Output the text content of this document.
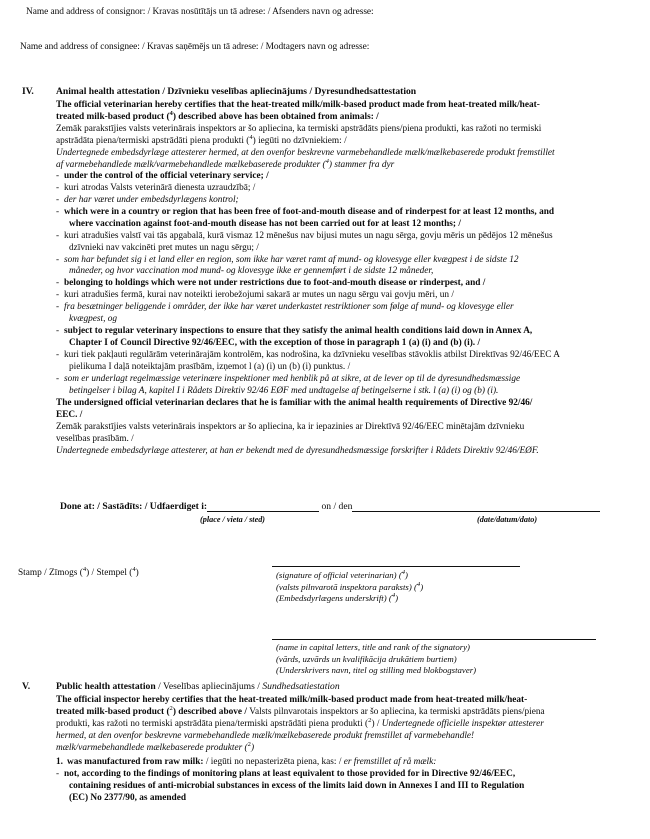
Name and address of consignor: / Kravas nosūtītājs un tā adrese: / Afsenders navn og adresse:
Name and address of consignee: / Kravas saņēmējs un tā adrese: / Modtagers navn og adresse:
IV. Animal health attestation / Dzīvnieku veselības apliecinājums / Dyresundhedsattestation
The official veterinarian hereby certifies that the heat-treated milk/milk-based product made from heat-treated milk/heat-
treated milk-based product ($^4$) described above has been obtained from animals: /
Zemāk parakstījies valsts veterinārais inspektors ar šo apliecina, ka termiski apstrādāts piens/piena produkti, kas ražoti no termiski
apstrādāta piena/termiski apstrādāti piena produkti ($^4$) iegūti no dzīvniekiem: /
Undertegnede embedsdyrlæge attesterer hermed, at den ovenfor beskrevne varmebehandlede mælk/mælkebaserede produkt fremstillet
af varmebehandlede mælk/varmebehandlede mælkebaserede produkter ($^4$) stammer fra dyr
- under the control of the official veterinary service; /
- kuri atrodas Valsts veterinārā dienesta uzraudzībā; /
- der har været under embedsdyrlægens kontrol;
- which were in a country or region that has been free of foot-and-mouth disease and of rinderpest for at least 12 months, and
where vaccination against foot-and-mouth disease has not been carried out for at least 12 months; /
- kuri atradušies valstī vai tās apgabalā, kurā vismaz 12 mēnešus nav bijusi mutes un nagu sērga, govju mēris un pēdējos 12 mēnešus
dzīvnieki nav vakcinēti pret mutes un nagu sērgu; /
- som har befundet sig i et land eller en region, som ikke har været ramt af mund- og klovesyge eller kvægpest i de sidste 12
måneder, og hvor vaccination mod mund- og klovesyge ikke er gennemført i de sidste 12 måneder,
- belonging to holdings which were not under restrictions due to foot-and-mouth disease or rinderpest, and /
- kuri atradušies fermā, kurai nav noteikti ierobežojumi sakarā ar mutes un nagu sērgu vai govju mēri, un /
- fra besætninger beliggende i områder, der ikke har været underkastet restriktioner som følge af mund- og klovesyge eller
kvægpest, og
- subject to regular veterinary inspections to ensure that they satisfy the animal health conditions laid down in Annex A,
Chapter I of Council Directive 92/46/EEC, with the exception of those in paragraph 1 (a) (i) and (b) (i). /
- kuri tiek pakļauti regulārām veterinārajām kontrolēm, kas nodrošina, ka dzīvnieku veselības stāvoklis atbilst Direktīvas 92/46/EEC A
pielikuma I daļā noteiktajām prasībām, izņemot l (a) (i) un (b) (i) punktus. /
- som er underlagt regelmæssige veterinære inspektioner med henblik på at sikre, at de lever op til de dyresundhedsmæssige
betingelser i bilag A, kapitel I i Rådets Direktiv 92/46 EØF med undtagelse af betingelserne i stk. l (a) (i) og (b) (i).
The undersigned official veterinarian declares that he is familiar with the animal health requirements of Directive 92/46/
EEC. /
Zemāk parakstījies valsts veterinārais inspektors ar šo apliecina, ka ir iepazinies ar Direktīvā 92/46/EEC minētajām dzīvnieku
veselības prasībām. /
Undertegnede embedsdyrlæge attesterer, at han er bekendt med de dyresundhedsmæssige forskrifter i Rådets Direktiv 92/46/EØF.
Done at: / Sastādīts: / Udfaerdiget i:	on / den
(place / vieta / sted)	(date/datum/dato)
Stamp / Zīmogs ($^4$) / Stempel ($^4$)	(signature of official veterinarian) ($^4$)
(valsts pilnvarotā inspektora paraksts) ($^4$)
(Embedsdyrlægens underskrift) ($^4$)
(name in capital letters, title and rank of the signatory)
(vārds, uzvārds un kvalifikācija drukātiem burtiem)
(Underskrivers navn, titel og stilling med blokbogstaver)
V.	Public health attestation / Veselības apliecinājums / Sundhedsatiestation
The official inspector hereby certifies that the heat-treated milk/milk-based product made from heat-treated milk/heat-
treated milk-based product ($^2$) described above / Valsts pilnvarotais inspektors ar šo apliecina, ka termiski apstrādāts piens/piena
produkti, kas ražoti no termiski apstrādāta piena/termiski apstrādāti piena produkti ($^2$) / Undertegnede officielle inspektør attesterer
hermed, at den ovenfor beskrevne varmebehandlede mælk/mælkebaserede produkt fremstillet af varmebehandle!
mælk/varmebehandlede mælkebaserede produkter ($^2$)
1. was manufactured from raw milk: / iegūti no nepasterizēta piena, kas: / er fremstillet af rå mælk:
- not, according to the findings of monitoring plans at least equivalent to those provided for in Directive 92/46/EEC,
containing residues of anti-microbial substances in excess of the limits laid down in Annexes I and III to Regulation
(EC) No 2377/90, as amended
